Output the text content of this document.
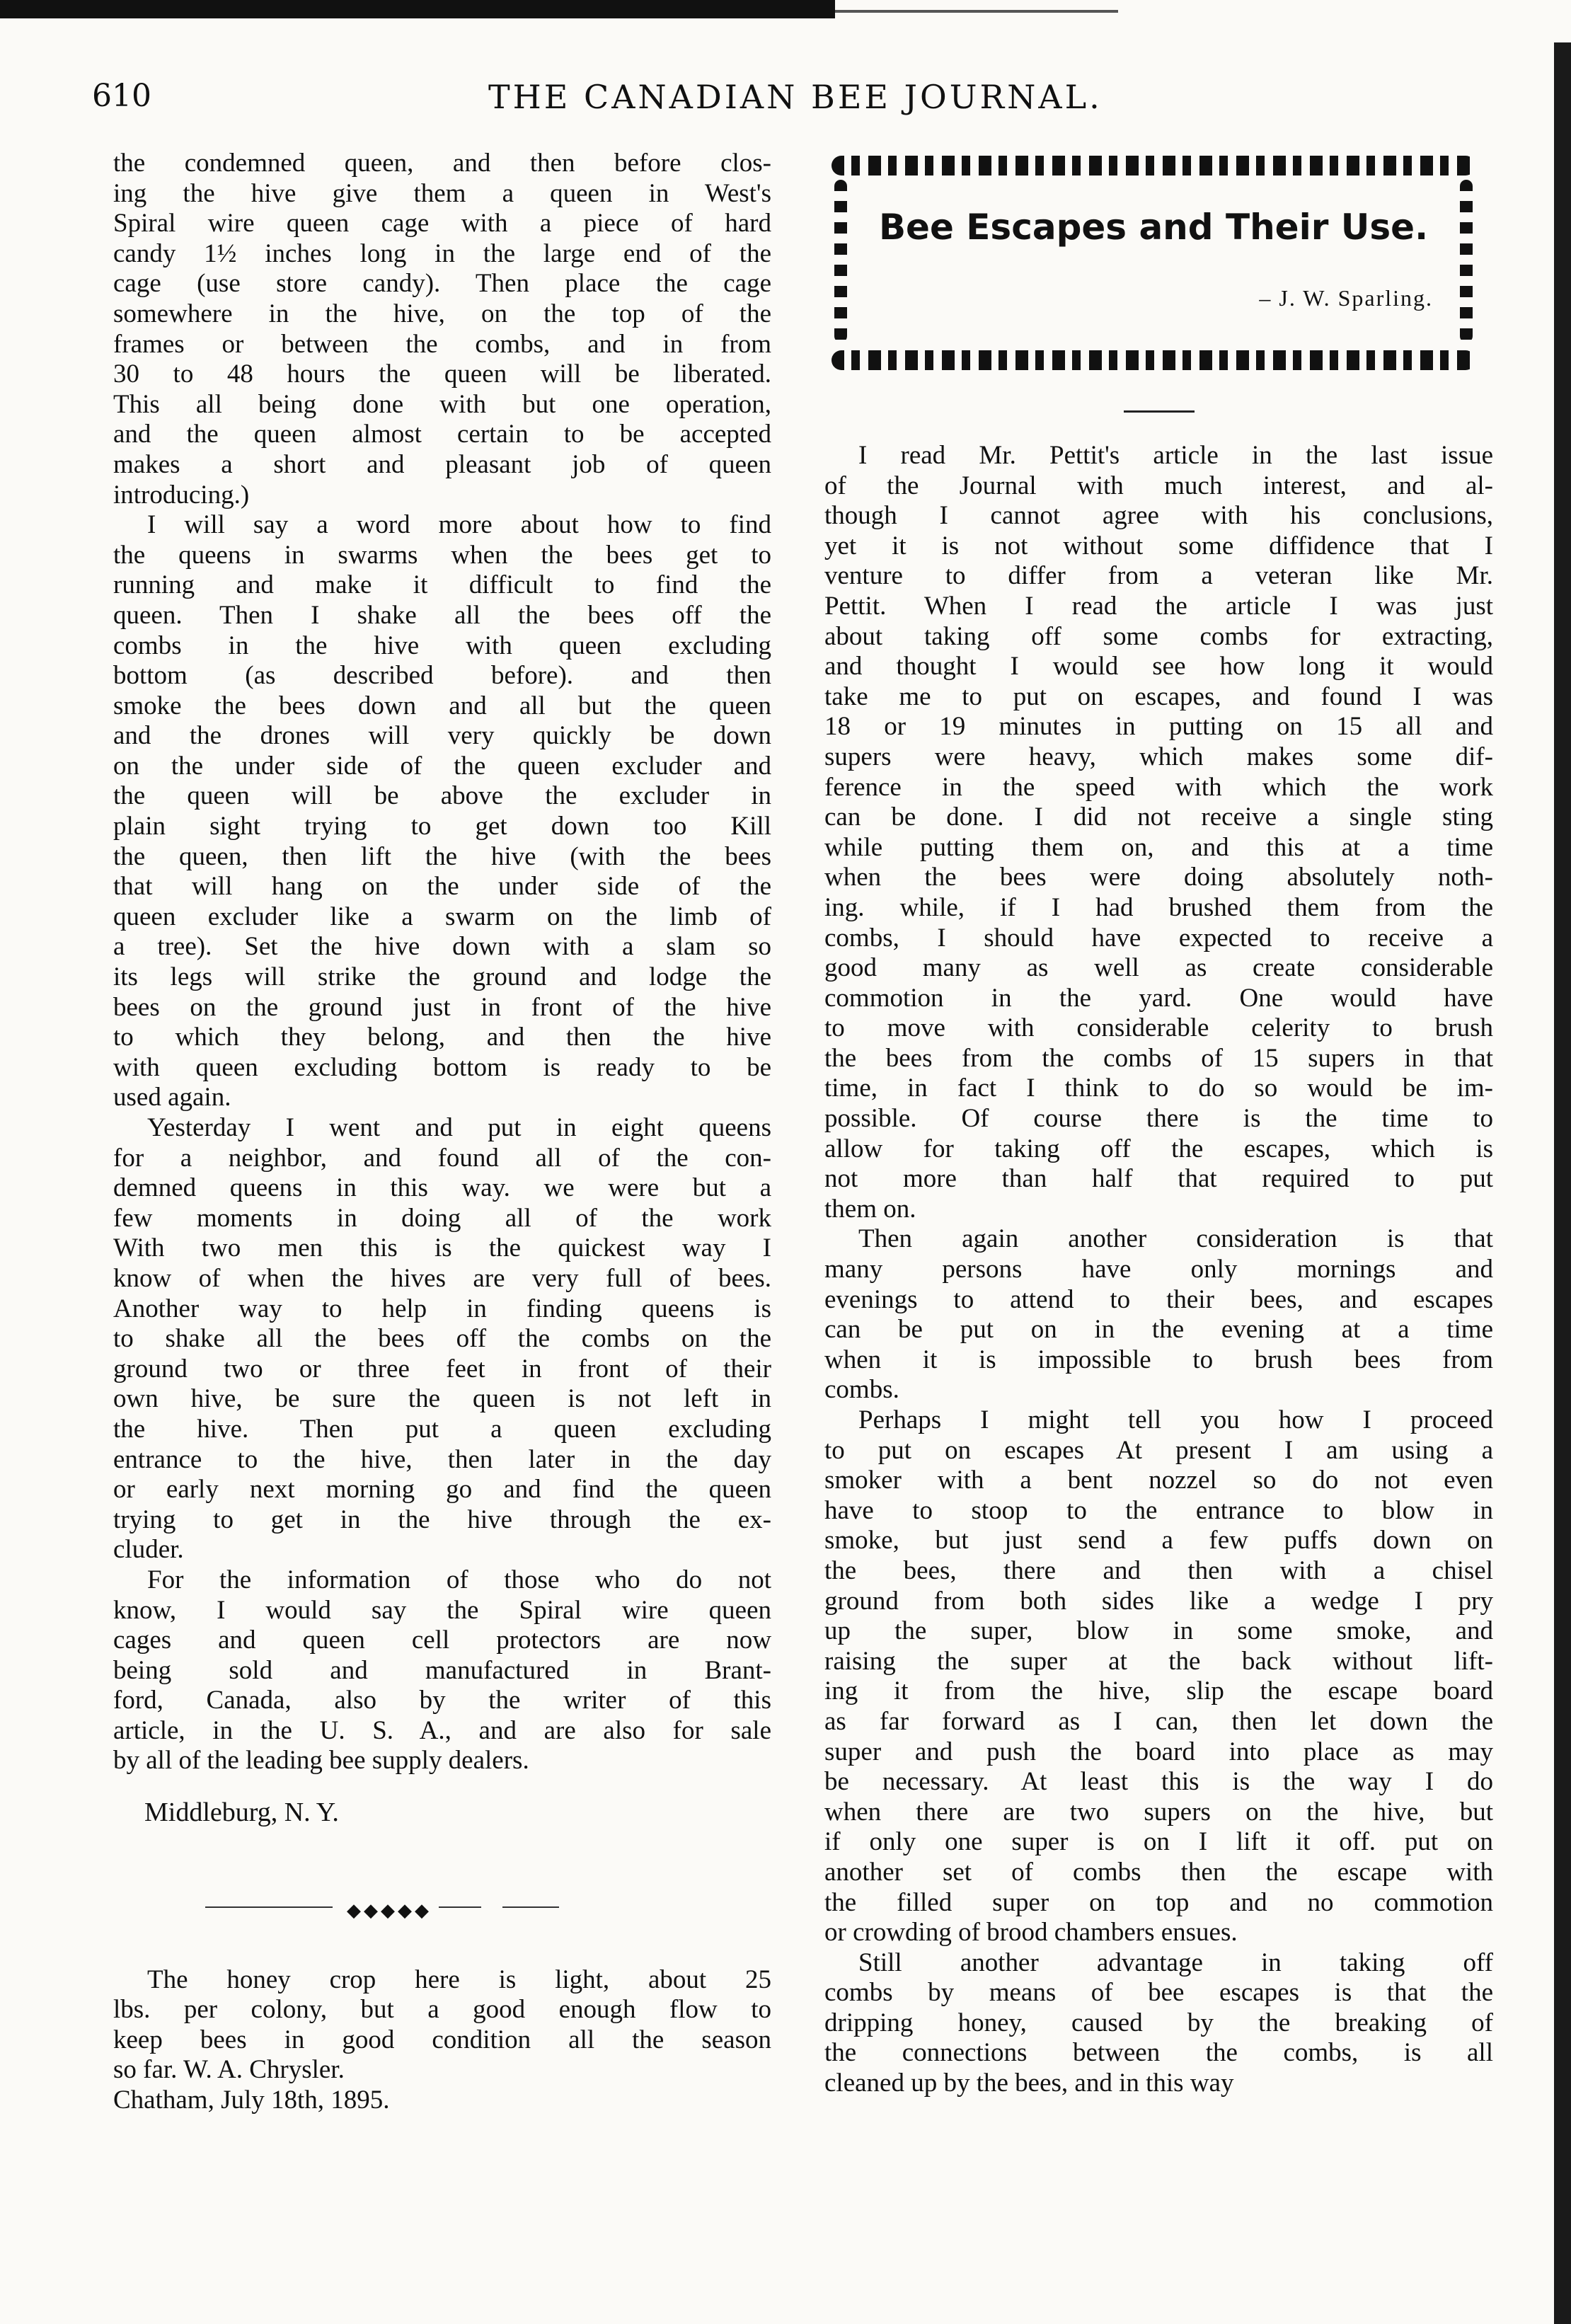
610	THE CANADIAN BEE JOURNAL.

the condemned queen, and then before clos-

ing the hive give them a queen in West's

Spiral wire queen cage with a piece of hard

candy 1½ inches long in the large end of the

cage (use store candy). Then place the cage

somewhere in the hive, on the top of the

frames or between the combs, and in from

30 to 48 hours the queen will be liberated.

This all being done with but one operation,

and the queen almost certain to be accepted

makes a short and pleasant job of queen

introducing.)

I will say a word more about how to find

the queens in swarms when the bees get to

running and make it difficult to find the

queen. Then I shake all the bees off the

combs in the hive with queen excluding

bottom (as described before). and then

smoke the bees down and all but the queen

and the drones will very quickly be down

on the under side of the queen excluder and

the queen will be above the excluder in

plain sight trying to get down too Kill

the queen, then lift the hive (with the bees

that will hang on the under side of the

queen excluder like a swarm on the limb of

a tree). Set the hive down with a slam so

its legs will strike the ground and lodge the

bees on the ground just in front of the hive

to which they belong, and then the hive

with queen excluding bottom is ready to be

used again.

Yesterday I went and put in eight queens

for a neighbor, and found all of the con-

demned queens in this way. we were but a

few moments in doing all of the work

With two men this is the quickest way I

know of when the hives are very full of bees.

Another way to help in finding queens is

to shake all the bees off the combs on the

ground two or three feet in front of their

own hive, be sure the queen is not left in

the hive. Then put a queen excluding

entrance to the hive, then later in the day

or early next morning go and find the queen

trying to get in the hive through the ex-

cluder.

For the information of those who do not

know, I would say the Spiral wire queen

cages and queen cell protectors are now

being sold and manufactured in Brant-

ford, Canada, also by the writer of this

article, in the U. S. A., and are also for sale

by all of the leading bee supply dealers.

Middleburg, N. Y.

◆◆◆◆◆

The honey crop here is light, about 25

lbs. per colony, but a good enough flow to

keep bees in good condition all the season

so far. W. A. Chrysler.

Chatham, July 18th, 1895.

Bee Escapes and Their Use.
– J. W. Sparling.

I read Mr. Pettit's article in the last issue

of the Journal with much interest, and al-

though I cannot agree with his conclusions,

yet it is not without some diffidence that I

venture to differ from a veteran like Mr.

Pettit. When I read the article I was just

about taking off some combs for extracting,

and thought I would see how long it would

take me to put on escapes, and found I was

18 or 19 minutes in putting on 15 all and

supers were heavy, which makes some dif-

ference in the speed with which the work

can be done. I did not receive a single sting

while putting them on, and this at a time

when the bees were doing absolutely noth-

ing. while, if I had brushed them from the

combs, I should have expected to receive a

good many as well as create considerable

commotion in the yard. One would have

to move with considerable celerity to brush

the bees from the combs of 15 supers in that

time, in fact I think to do so would be im-

possible. Of course there is the time to

allow for taking off the escapes, which is

not more than half that required to put

them on.

Then again another consideration is that

many persons have only mornings and

evenings to attend to their bees, and escapes

can be put on in the evening at a time

when it is impossible to brush bees from

combs.

Perhaps I might tell you how I proceed

to put on escapes At present I am using a

smoker with a bent nozzel so do not even

have to stoop to the entrance to blow in

smoke, but just send a few puffs down on

the bees, there and then with a chisel

ground from both sides like a wedge I pry

up the super, blow in some smoke, and

raising the super at the back without lift-

ing it from the hive, slip the escape board

as far forward as I can, then let down the

super and push the board into place as may

be necessary. At least this is the way I do

when there are two supers on the hive, but

if only one super is on I lift it off. put on

another set of combs then the escape with

the filled super on top and no commotion

or crowding of brood chambers ensues.

Still another advantage in taking off

combs by means of bee escapes is that the

dripping honey, caused by the breaking of

the connections between the combs, is all

cleaned up by the bees, and in this way
